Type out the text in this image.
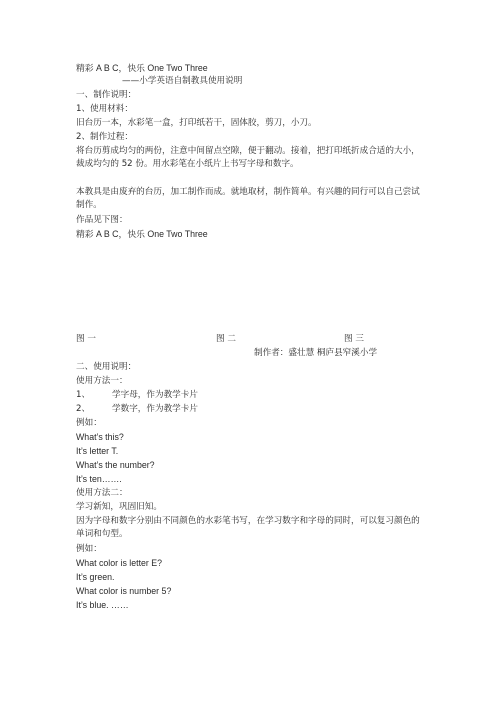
精彩 A B C，快乐 One Two Three
——小学英语自制教具使用说明
一、制作说明：
1、使用材料：
旧台历一本，水彩笔一盒，打印纸若干，固体胶，剪刀，小刀。
2、制作过程：
将台历剪成均匀的两份，注意中间留点空隙，便于翻动。接着，把打印纸折成合适的大小，裁成均匀的 52 份。用水彩笔在小纸片上书写字母和数字。
本教具是由废弃的台历，加工制作而成。就地取材，制作简单。有兴趣的同行可以自己尝试制作。
作品见下图：
精彩 A B C，快乐 One Two Three
图 一	图 二	图 三
制作者：盛壮慧 桐庐县窄溪小学
二、使用说明：
使用方法一：
1、	学字母，作为教学卡片
2、	学数字，作为教学卡片
例如：
What’s this?
It’s letter T.
What’s the number?
It’s ten…….
使用方法二：
学习新知，巩固旧知。
因为字母和数字分别由不同颜色的水彩笔书写，在学习数字和字母的同时，可以复习颜色的单词和句型。
例如：
What color is letter E?
It’s green.
What color is number 5?
It’s blue. ……
